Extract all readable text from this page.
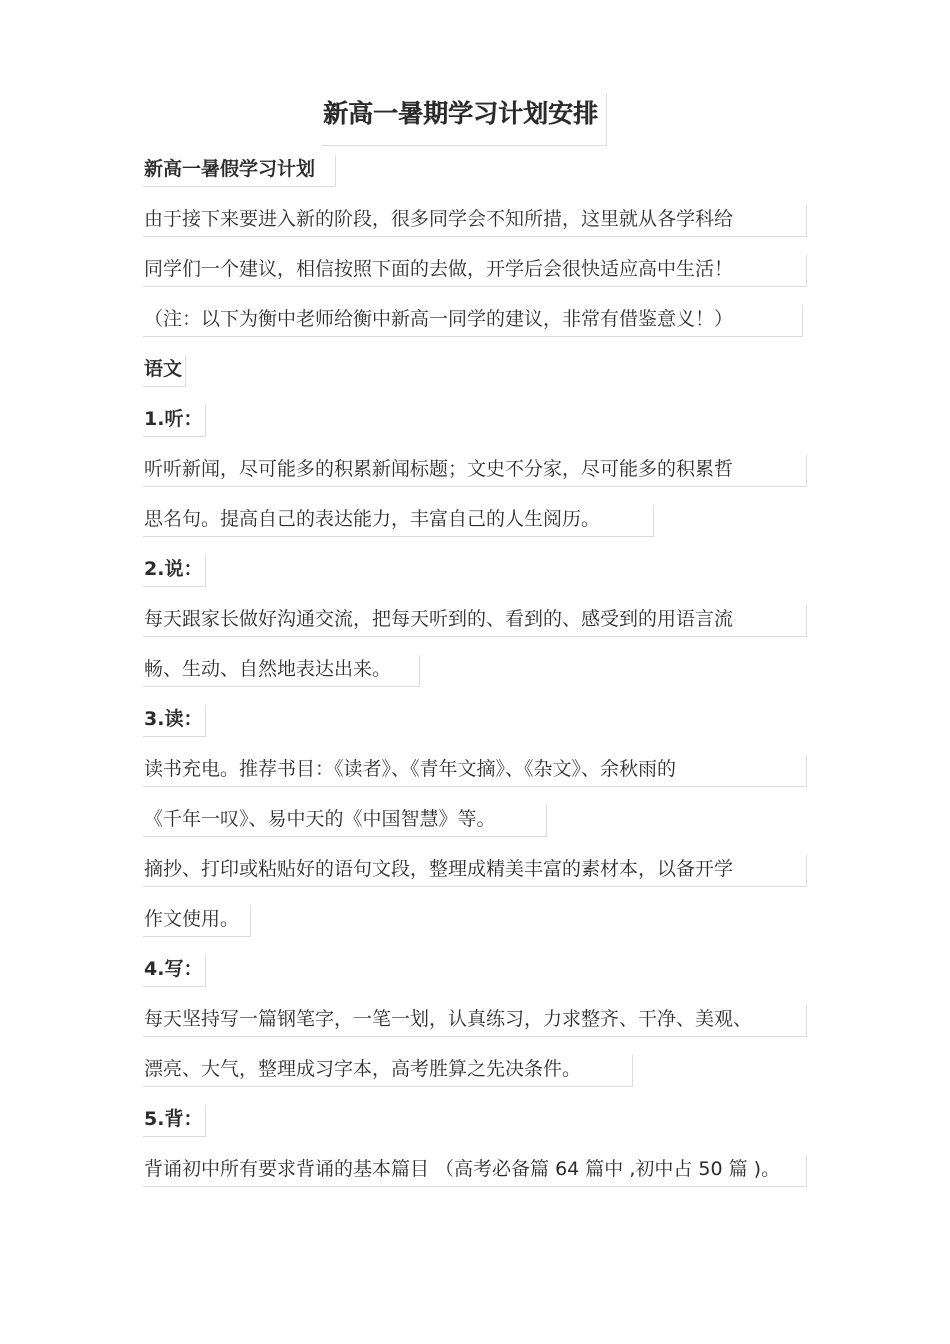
新高一暑期学习计划安排
新高一暑假学习计划
由于接下来要进入新的阶段，很多同学会不知所措，这里就从各学科给
同学们一个建议，相信按照下面的去做，开学后会很快适应高中生活！
（注：以下为衡中老师给衡中新高一同学的建议，非常有借鉴意义！）
语文
1.听：
听听新闻，尽可能多的积累新闻标题；文史不分家，尽可能多的积累哲
思名句。提高自己的表达能力，丰富自己的人生阅历。
2.说：
每天跟家长做好沟通交流，把每天听到的、看到的、感受到的用语言流
畅、生动、自然地表达出来。
3.读：
读书充电。推荐书目：《读者》、《青年文摘》、《杂文》、余秋雨的
《千年一叹》、易中天的《中国智慧》等。
摘抄、打印或粘贴好的语句文段，整理成精美丰富的素材本，以备开学
作文使用。
4.写：
每天坚持写一篇钢笔字，一笔一划，认真练习，力求整齐、干净、美观、
漂亮、大气，整理成习字本，高考胜算之先决条件。
5.背：
背诵初中所有要求背诵的基本篇目 （高考必备篇 64 篇中 ,初中占 50 篇 )。
